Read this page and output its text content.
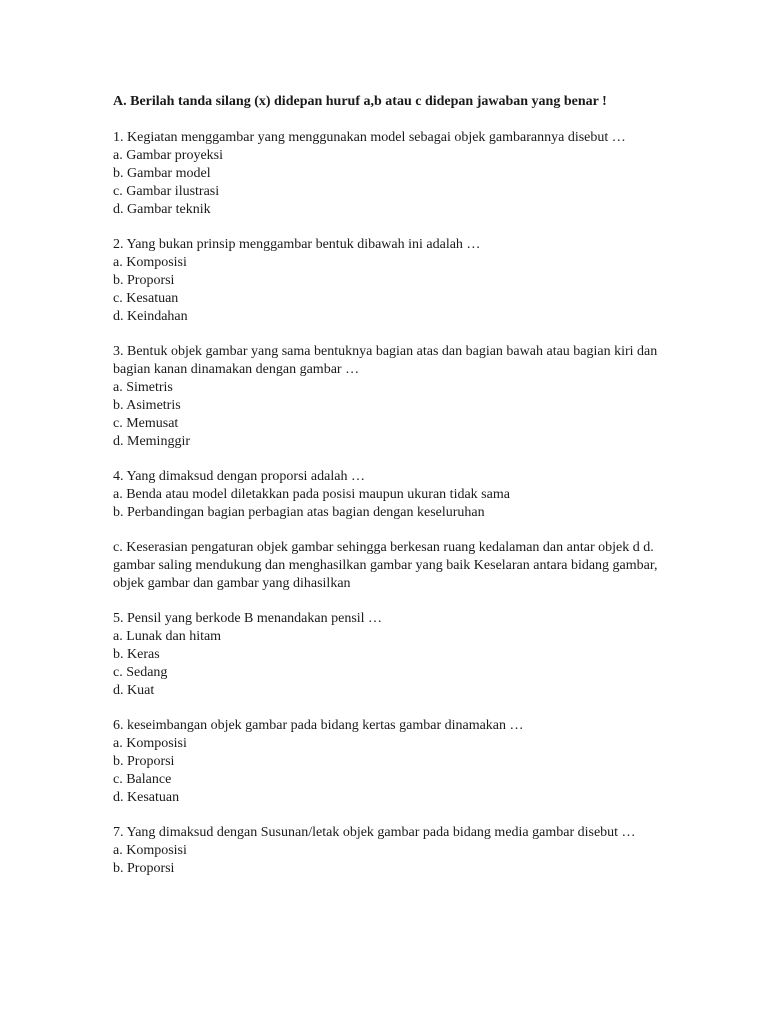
A. Berilah tanda silang (x) didepan huruf a,b atau c didepan jawaban yang benar !

1. Kegiatan menggambar yang menggunakan model sebagai objek gambarannya disebut …

a. Gambar proyeksi

b. Gambar model

c. Gambar ilustrasi

d. Gambar teknik

2. Yang bukan prinsip menggambar bentuk dibawah ini adalah …

a. Komposisi

b. Proporsi

c. Kesatuan

d. Keindahan

3. Bentuk objek gambar yang sama bentuknya bagian atas dan bagian bawah atau bagian kiri dan bagian kanan dinamakan dengan gambar …

a. Simetris

b. Asimetris

c. Memusat

d. Meminggir

4. Yang dimaksud dengan proporsi adalah …

a. Benda atau model diletakkan pada posisi maupun ukuran tidak sama

b. Perbandingan bagian perbagian atas bagian dengan keseluruhan

c. Keserasian pengaturan objek gambar sehingga berkesan ruang kedalaman dan antar objek d d. gambar saling mendukung dan menghasilkan gambar yang baik Keselaran antara bidang gambar, objek gambar dan gambar yang dihasilkan

5. Pensil yang berkode B menandakan pensil …

a. Lunak dan hitam

b. Keras

c. Sedang

d. Kuat

6. keseimbangan objek gambar pada bidang kertas gambar dinamakan …

a. Komposisi

b. Proporsi

c. Balance

d. Kesatuan

7. Yang dimaksud dengan Susunan/letak objek gambar pada bidang media gambar disebut …

a. Komposisi

b. Proporsi
